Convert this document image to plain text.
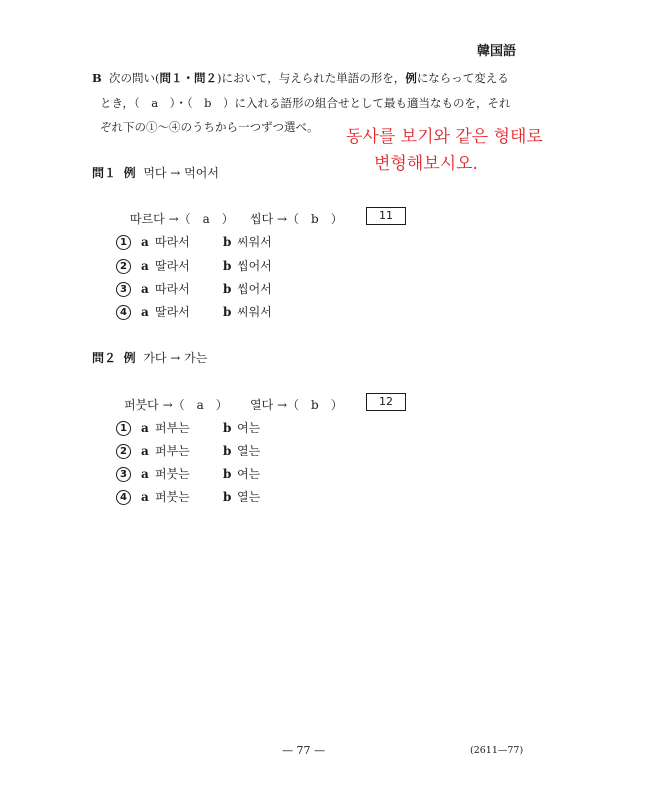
韓国語
B 次の問い(問１・問２)において，与えられた単語の形を，例にならって変える
とき，（　a　）・（　b　）に入れる語形の組合せとして最も適当なものを，それ
ぞれ下の①〜④のうちから一つずつ選べ。 동사를 보기와 같은 형태로
변형해보시오.
問１ 例 먹다 → 먹어서
따르다 →（　a　） 씹다 →（　b　）	11
1 a 따라서	b 씨워서
2 a 딸라서	b 씹어서
3 a 따라서	b 씹어서
4 a 딸라서	b 씨워서
問２ 例 가다 → 가는
퍼붓다 →（　a　） 열다 →（　b　）	12
1 a 퍼부는	b 여는
2 a 퍼부는	b 열는
3 a 퍼붓는	b 여는
4 a 퍼붓는	b 열는
— 77 —	(2611—77)
